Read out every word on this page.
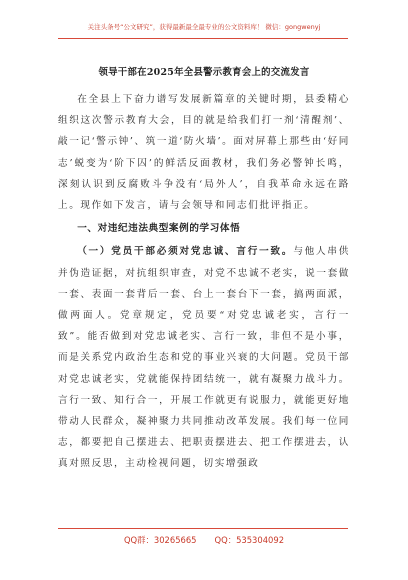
关注头条号“公文研究”，获得最新最全最专业的公文资料库！ 微信：gongwenyj
领导干部在2025年全县警示教育会上的交流发言

在全县上下奋力谱写发展新篇章的关键时期，县委精心组织这次警示教育大会，目的就是给我们打一剂‘清醒剂’、敲一记‘警示钟’、筑一道‘防火墙’。面对屏幕上那些由‘好同志’蜕变为‘阶下囚’的鲜活反面教材，我们务必警钟长鸣，深刻认识到反腐败斗争没有‘局外人’，自我革命永远在路上。现作如下发言，请与会领导和同志们批评指正。

一、对违纪违法典型案例的学习体悟

（一）党员干部必须对党忠诚、言行一致。与他人串供并伪造证据，对抗组织审查，对党不忠诚不老实，说一套做一套、表面一套背后一套、台上一套台下一套，搞两面派，做两面人。党章规定，党员要“对党忠诚老实，言行一致”。能否做到对党忠诚老实、言行一致，非但不是小事，而是关系党内政治生态和党的事业兴衰的大问题。党员干部对党忠诚老实，党就能保持团结统一，就有凝聚力战斗力。言行一致、知行合一，开展工作就更有说服力，就能更好地带动人民群众，凝神聚力共同推动改革发展。我们每一位同志，都要把自己摆进去、把职责摆进去、把工作摆进去，认真对照反思，主动检视问题，切实增强政

QQ群：30265665 QQ：535304092
